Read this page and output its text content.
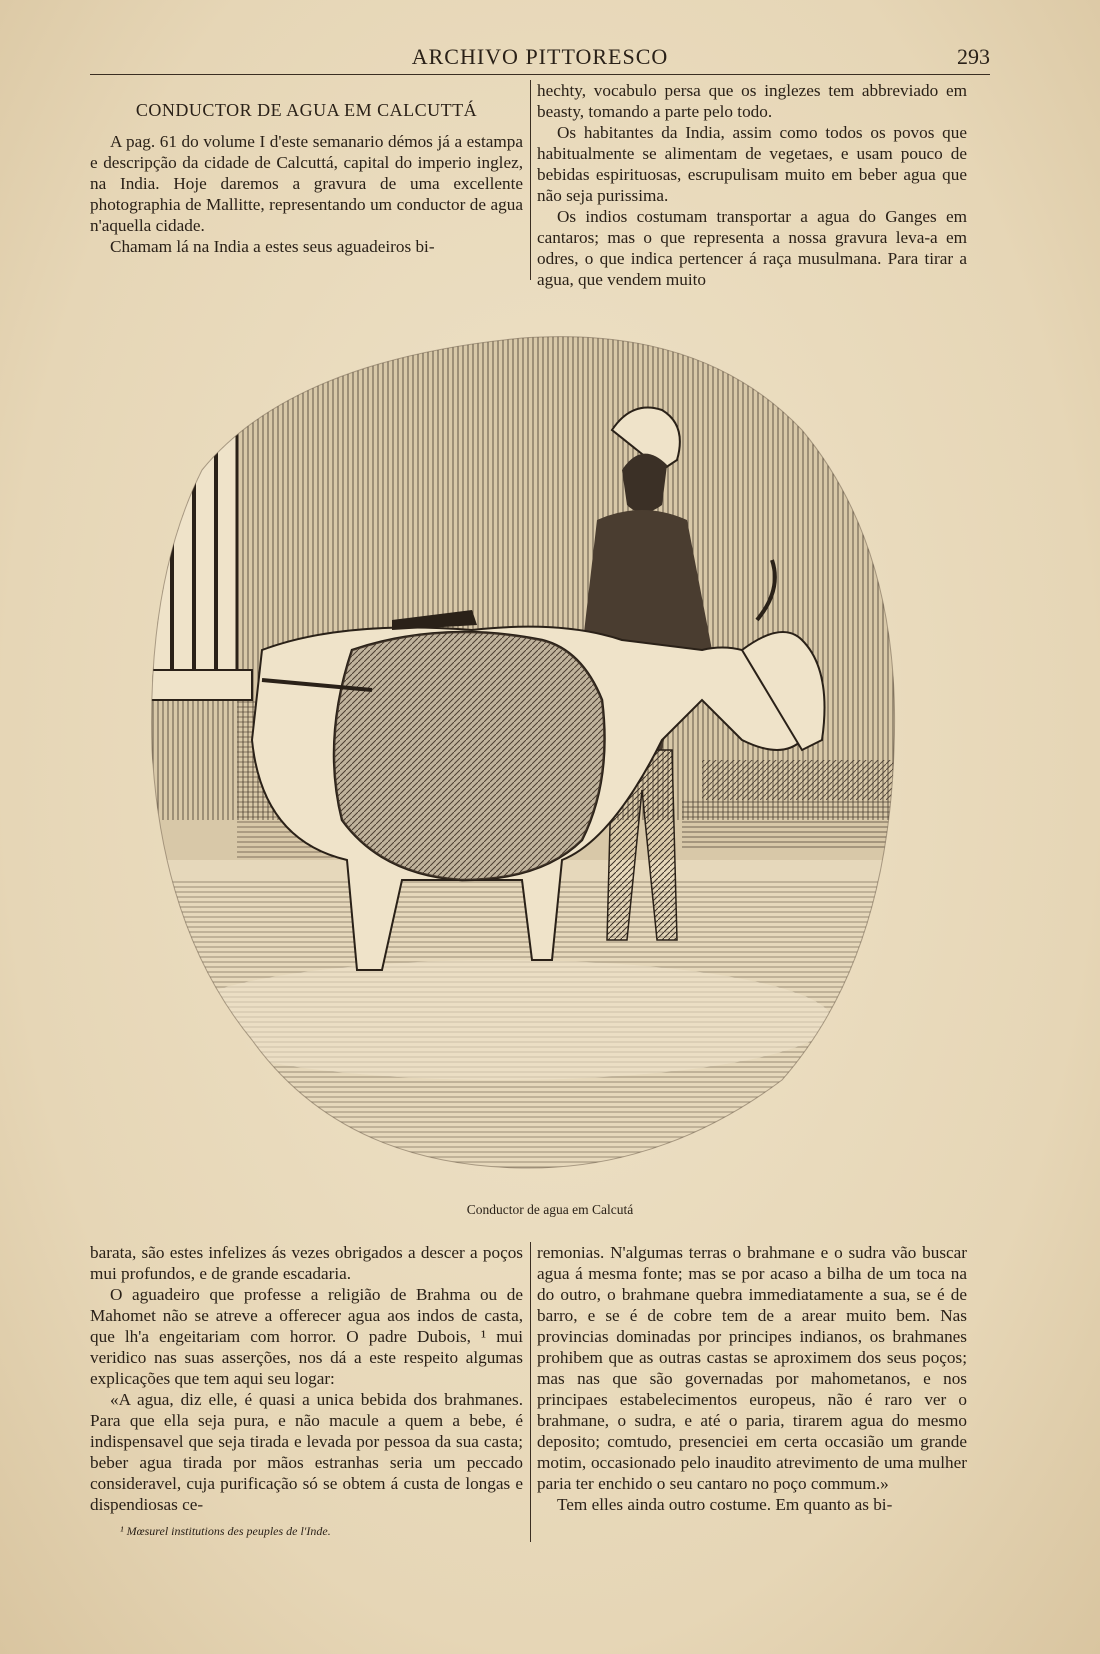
ARCHIVO PITTORESCO	293
CONDUCTOR DE AGUA EM CALCUTTÁ

A pag. 61 do volume I d'este semanario démos já a estampa e descripção da cidade de Calcuttá, capital do imperio inglez, na India. Hoje daremos a gravura de uma excellente photographia de Mallitte, representando um conductor de agua n'aquella cidade.

Chamam lá na India a estes seus aguadeiros bi-

hechty, vocabulo persa que os inglezes tem abbreviado em beasty, tomando a parte pelo todo.

Os habitantes da India, assim como todos os povos que habitualmente se alimentam de vegetaes, e usam pouco de bebidas espirituosas, escrupulisam muito em beber agua que não seja purissima.

Os indios costumam transportar a agua do Ganges em cantaros; mas o que representa a nossa gravura leva-a em odres, o que indica pertencer á raça musulmana. Para tirar a agua, que vendem muito

Conductor de agua em Calcutá

barata, são estes infelizes ás vezes obrigados a descer a poços mui profundos, e de grande escadaria.

O aguadeiro que professe a religião de Brahma ou de Mahomet não se atreve a offerecer agua aos indos de casta, que lh'a engeitariam com horror. O padre Dubois, ¹ mui veridico nas suas asserções, nos dá a este respeito algumas explicações que tem aqui seu logar:

«A agua, diz elle, é quasi a unica bebida dos brahmanes. Para que ella seja pura, e não macule a quem a bebe, é indispensavel que seja tirada e levada por pessoa da sua casta; beber agua tirada por mãos estranhas seria um peccado consideravel, cuja purificação só se obtem á custa de longas e dispendiosas ce-

¹ Mœsurel institutions des peuples de l'Inde.

remonias. N'algumas terras o brahmane e o sudra vão buscar agua á mesma fonte; mas se por acaso a bilha de um toca na do outro, o brahmane quebra immediatamente a sua, se é de barro, e se é de cobre tem de a arear muito bem. Nas provincias dominadas por principes indianos, os brahmanes prohibem que as outras castas se aproximem dos seus poços; mas nas que são governadas por mahometanos, e nos principaes estabelecimentos europeus, não é raro ver o brahmane, o sudra, e até o paria, tirarem agua do mesmo deposito; comtudo, presenciei em certa occasião um grande motim, occasionado pelo inaudito atrevimento de uma mulher paria ter enchido o seu cantaro no poço commum.»

Tem elles ainda outro costume. Em quanto as bi-
